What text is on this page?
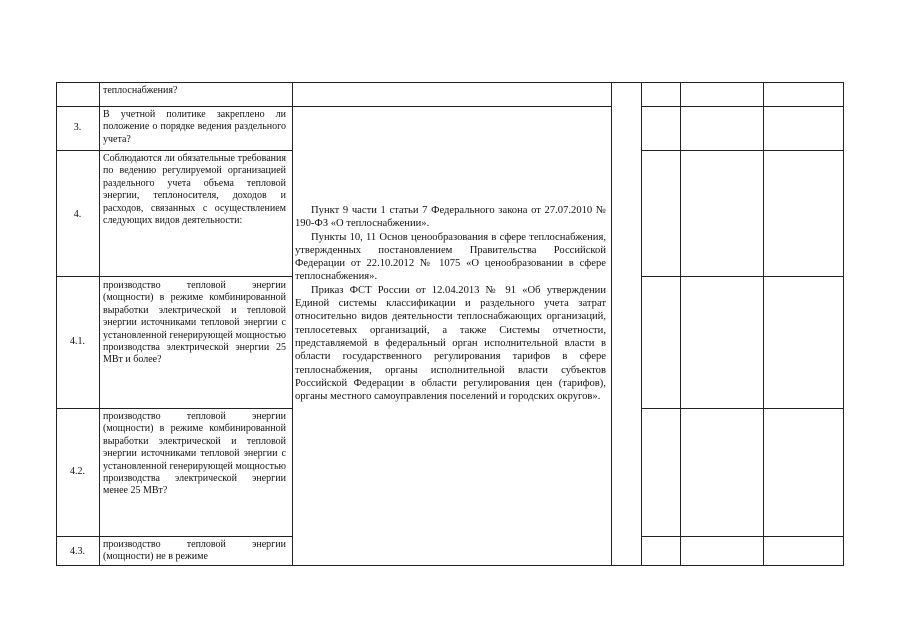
теплоснабжения?
3.
В учетной политике закреплено ли положение о порядке ведения раздельного учета?
4.
Соблюдаются ли обязательные требования по ведению регулируемой организацией раздельного учета объема тепловой энергии, теплоносителя, доходов и расходов, связанных с осуществлением следующих видов деятельности:
4.1.
производство тепловой энергии (мощности) в режиме комбинированной выработки электрической и тепловой энергии источниками тепловой энергии с установленной генерирующей мощностью производства электрической энергии 25 МВт и более?
4.2.
производство тепловой энергии (мощности) в режиме комбинированной выработки электрической и тепловой энергии источниками тепловой энергии с установленной генерирующей мощностью производства электрической энергии менее 25 МВт?
4.3.
производство тепловой энергии (мощности) не в режиме

Пункт 9 части 1 статьи 7 Федерального закона от 27.07.2010 № 190-ФЗ «О теплоснабжении».

Пункты 10, 11 Основ ценообразования в сфере теплоснабжения, утвержденных постановлением Правительства Российской Федерации от 22.10.2012 № 1075 «О ценообразовании в сфере теплоснабжения».

Приказ ФСТ России от 12.04.2013 № 91 «Об утверждении Единой системы классификации и раздельного учета затрат относительно видов деятельности теплоснабжающих организаций, теплосетевых организаций, а также Системы отчетности, представляемой в федеральный орган исполнительной власти в области государственного регулирования тарифов в сфере теплоснабжения, органы исполнительной власти субъектов Российской Федерации в области регулирования цен (тарифов), органы местного самоуправления поселений и городских округов».
